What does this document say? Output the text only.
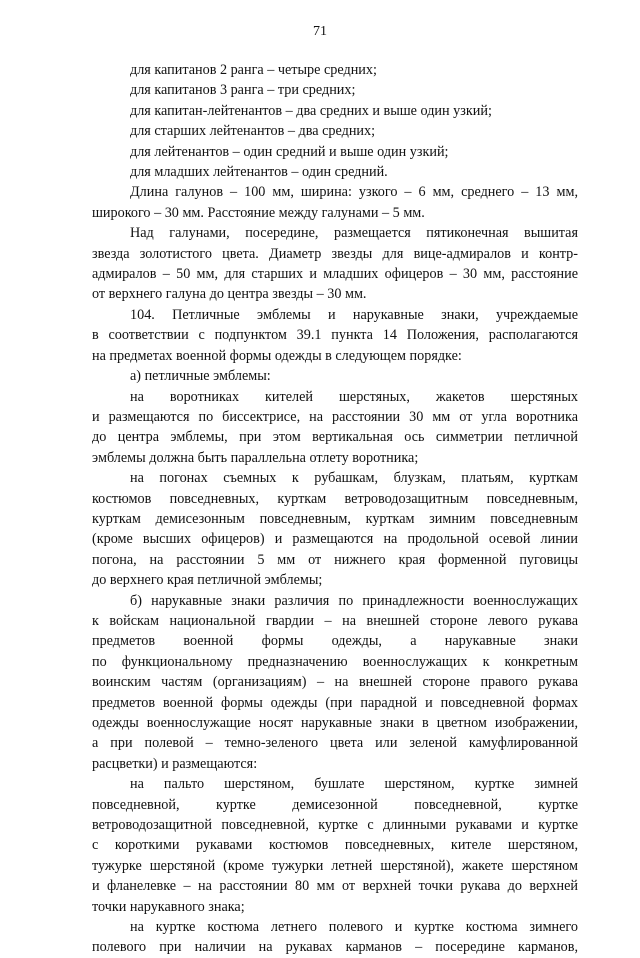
71
для капитанов 2 ранга – четыре средних;
для капитанов 3 ранга – три средних;
для капитан-лейтенантов – два средних и выше один узкий;
для старших лейтенантов – два средних;
для лейтенантов – один средний и выше один узкий;
для младших лейтенантов – один средний.
Длина галунов – 100 мм, ширина: узкого – 6 мм, среднего – 13 мм,
широкого – 30 мм. Расстояние между галунами – 5 мм.
Над галунами, посередине, размещается пятиконечная вышитая
звезда золотистого цвета. Диаметр звезды для вице-адмиралов и контр-
адмиралов – 50 мм, для старших и младших офицеров – 30 мм, расстояние
от верхнего галуна до центра звезды – 30 мм.
104. Петличные эмблемы и нарукавные знаки, учреждаемые
в соответствии с подпунктом 39.1 пункта 14 Положения, располагаются
на предметах военной формы одежды в следующем порядке:
а) петличные эмблемы:
на воротниках кителей шерстяных, жакетов шерстяных
и размещаются по биссектрисе, на расстоянии 30 мм от угла воротника
до центра эмблемы, при этом вертикальная ось симметрии петличной
эмблемы должна быть параллельна отлету воротника;
на погонах съемных к рубашкам, блузкам, платьям, курткам
костюмов повседневных, курткам ветроводозащитным повседневным,
курткам демисезонным повседневным, курткам зимним повседневным
(кроме высших офицеров) и размещаются на продольной осевой линии
погона, на расстоянии 5 мм от нижнего края форменной пуговицы
до верхнего края петличной эмблемы;
б) нарукавные знаки различия по принадлежности военнослужащих
к войскам национальной гвардии – на внешней стороне левого рукава
предметов военной формы одежды, а нарукавные знаки
по функциональному предназначению военнослужащих к конкретным
воинским частям (организациям) – на внешней стороне правого рукава
предметов военной формы одежды (при парадной и повседневной формах
одежды военнослужащие носят нарукавные знаки в цветном изображении,
а при полевой – темно-зеленого цвета или зеленой камуфлированной
расцветки) и размещаются:
на пальто шерстяном, бушлате шерстяном, куртке зимней
повседневной, куртке демисезонной повседневной, куртке
ветроводозащитной повседневной, куртке с длинными рукавами и куртке
с короткими рукавами костюмов повседневных, кителе шерстяном,
тужурке шерстяной (кроме тужурки летней шерстяной), жакете шерстяном
и фланелевке – на расстоянии 80 мм от верхней точки рукава до верхней
точки нарукавного знака;
на куртке костюма летнего полевого и куртке костюма зимнего
полевого при наличии на рукавах карманов – посередине карманов,
